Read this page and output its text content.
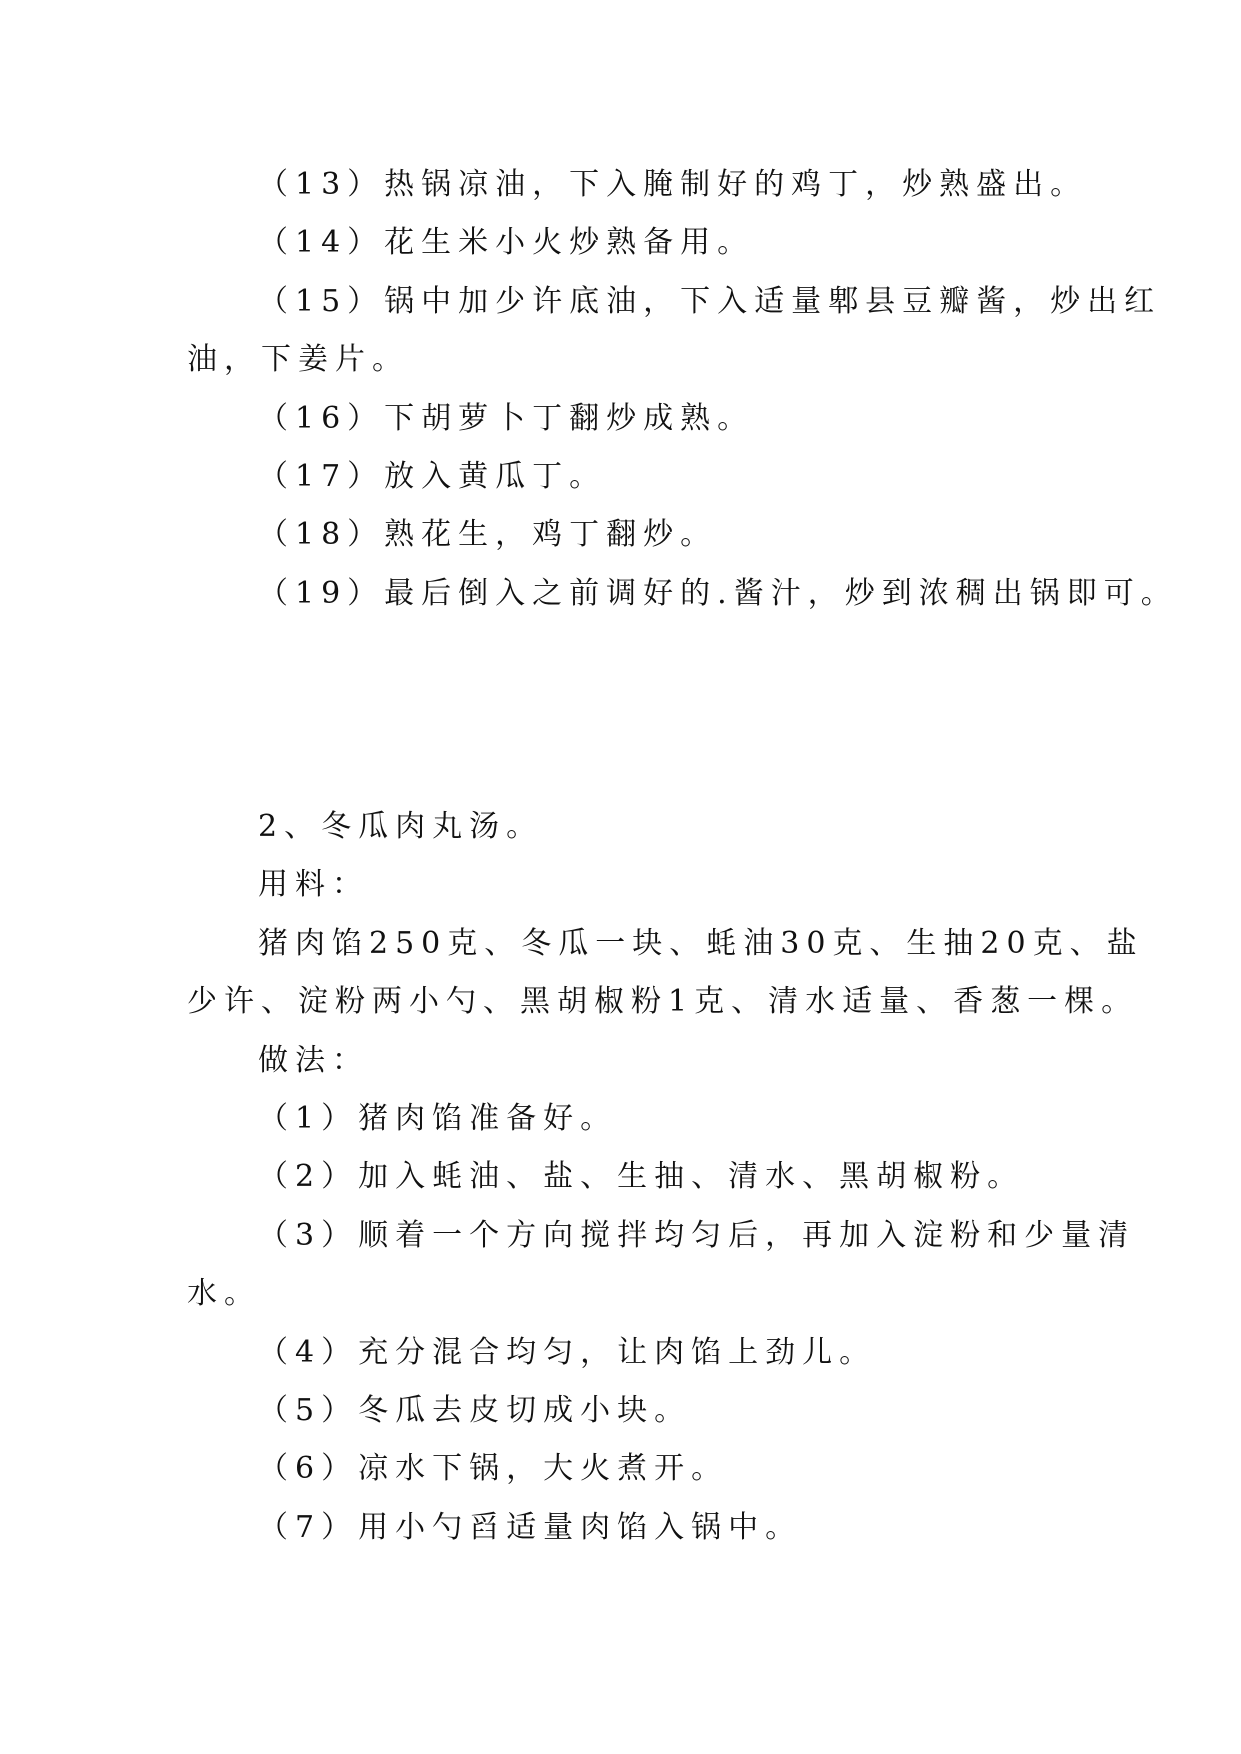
（13）热锅凉油，下入腌制好的鸡丁，炒熟盛出。
（14）花生米小火炒熟备用。
（15）锅中加少许底油，下入适量郫县豆瓣酱，炒出红
油，下姜片。
（16）下胡萝卜丁翻炒成熟。
（17）放入黄瓜丁。
（18）熟花生，鸡丁翻炒。
（19）最后倒入之前调好的.酱汁，炒到浓稠出锅即可。
2、冬瓜肉丸汤。
用料：
猪肉馅250克、冬瓜一块、蚝油30克、生抽20克、盐
少许、淀粉两小勺、黑胡椒粉1克、清水适量、香葱一棵。
做法：
（1）猪肉馅准备好。
（2）加入蚝油、盐、生抽、清水、黑胡椒粉。
（3）顺着一个方向搅拌均匀后，再加入淀粉和少量清
水。
（4）充分混合均匀，让肉馅上劲儿。
（5）冬瓜去皮切成小块。
（6）凉水下锅，大火煮开。
（7）用小勺舀适量肉馅入锅中。
